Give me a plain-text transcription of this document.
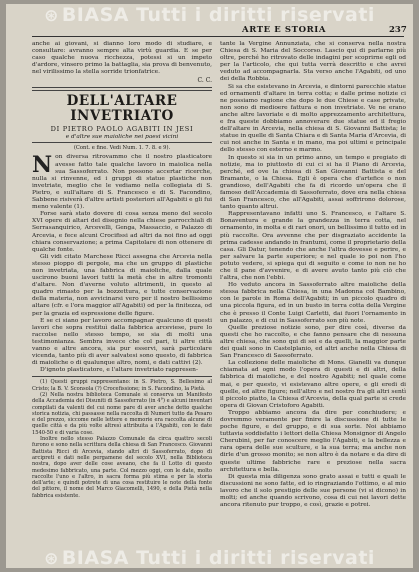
⊛ BIASA Tutti i diritti riservati
ARTE E STORIA	237

anche ai giovani, si dianno loro modo di studiare, e consultare: avranno sempre alta virtù guardia. E se per caso qualche nuova ricchezza, potessi si un impeto d'ardore, vinsero primo la battaglia, sia prova di benvenuto, nel virilissimo la stella sorride trionfatrice.

C. C.
DELL'ALTARE INVETRIATO
DI PIETRO PAOLO AGABITI IN JESI
e d'altre sue maioliche nei paesi vicini
(Cont. e fine. Vedi Num. 1. 7. 8. e 9).

Non diversa ritrovammo che il nostro plasticatore avesse fatto tale qualche lavoro in maiolica nella sua Sassoferrato. Non possono accertar ricerche, nulla si rinvenne, ed i gruppi di statue plastiche non invetriate, meglio che le vediamo nella collegiata di S. Pietro, e sull'altare di S. Francesco e di S. Facondino, Sabbene risiverà d'altre artisti posteriori all'Agabiti e gli fui meno valente (1).

Forse sarà stato dovere di cosa senza meno del secolo XVI opere di altari del disegnio nella chiese parrocchiali di Serrasanquirico, Arcevelli, Genga, Massaccio, e Palazzo di Arcevia, e fece alcuni Crocifissi ad altri da noi fino ad oggi chiara conservazione; a prima Capitolare di non ottenere di qualche fonte.

Gli vidi citato Marchese Ricci assegna che Arcevia nella stesso pioppo di pergole, ma che un gruppo di plastiche non invetriata, una fabbrica di maioliche, dalla quale uscirono buoni lavori tutti la metà che in altre tromonti d'altare. Non d'averne voluto altrimenti, in questo al quadro rimasto per la bozzettura, e tutte conservazione della materia, non avvicinarsi vero per il nostro bellissimo altare (cfr. e l'ora maggior all'Agabiti) od per la finitezza, od per la grazia ed espressione delle figure.

E se ci siano per lavoro accompagnar qualcuno di questi lavori che sopra restituì dalla fabbrica arceviese, pure lo raccolse nello stesso tempo, se sia di molti una testimonianza. Sembra invece che col pari, ti altre città vanno e altre ancora, sia pur esservi, sarà particolare vicenda, tanto più di aver salvatesi sono questo, di fabbrica di maioliche o di qualunque altro, nomi, e dati cattivi (2).

D'ignoto plasticatore, e l'altare invetriato rappresen-

(1) Questi gruppi rappresentano: in S. Pietro, S. Bellesimo al Cristo; la B. V. Sconsola (?) Crocefissione; in S. Facondino, la Pietà.

(2) Nella nostra biblioteca Comunale si conserva un Manifesto della Accademia dei Disuniti di Sassoferrato (in 4°) e alcuni inventari compilati da valenti del cui nome pare di aver anche detto qualche storica notizia, chi passasse nella raccolta di Numeri tutto da Pesaro e del prezzo, siccome nelle lettere e memorie era raccolta alcune di quelle città e da più volte altresì attribuita a l'Agabiti, con le date 1540-50 e di varia cose.

Inoltre nello stesso Palazzo Comunale da circa quattro secoli furono e sono nella scrittura della chiesa di San Francesco. Giovanni Battista Ricci di Arcevia, stando altri di Sassoferrato, dopo di arcipreti e dati nelle pergamene del secolo XVI, nella Biblioteca nostra, dopo aver delle cose aveano, che fa il Lotto di questo medesimo fabbricato, una parte. Col mezzo oggi, con le date, molto raccolte l'uno e l'altro, in sacra forma più stima e per la storia dell'arte; e quindi potrete di una cosa restituire le note della fonte del pittore, il nome del Marco Giacomelli, 1490, e della Pietà nella fabbrica esistente.

tante la Vergine Annunziata, che si conserva nella nostra Chiesa di S. Maria del Soccorso. Lascio qui di parlarne più oltre, perché ho ritrovato delle indagini per scoprirne egli od per la l'articolo, che qui tutta verrà descritto e che avrei veduto ad accompagnarla. Sta verso anche l'Agabiti, od uno dei della Robbia.

Si sa che esistevano in Arcevia, e dintorni parecchie statue ed ornamenti d'altare in terra cotta; e dalle prime notizie ci ne possiamo ragione che dopo le due Chiese e case private, non sono di medioere fattura e non invetriate. Ve ne erano anche altre lavoriate e di molto apprezzamento architettura, e fra queste dobbiamo annoverare due statue ed il fregio dell'altare in Arcevia, nella chiesa di S. Giovanni Battista; le statue in quelle di Santa Chiara e di Santa Maria d'Arcevia, di cui noi anche in Santa e in mano, ma poi ultimi e principale dello stesso con esterno e marmo.

In questo si sia in un primo anno, un tempo e pregiato di notizie, ma io piuttosto di cui ci si ha il Piano di Arcevia, perché, ed ove la chiesa di San Giovanni Battista e del Bramante, o la Chiesa. Egli è opera che d'artefice o non grandioso, dell'Agabiti che fa di ricordo un'opera che il famoso dell'Accademia di Sassoferrato, dove era nella chiesa di San Francesco, che all'Agabiti, assai soffrirono dolorose, tanto quanto altrui.

Rappresentavano infatti uno S. Francesco, e l'altare S. Bonaventura e grande la grandezza in terra cotta, nel ornamento, in molta e di rari onori, un bellissimo il tutto ed in più raccolte. Ora avvenne che per disgraziato accidente la prima cadesse andando in frantumi, come il proprietario della casa. Gli Datur, tenendo che anche l'altra dovesse e perire, e per salvare la parte superiore; e nel quale io poi non l'ho potuto vedere, si spiega qui di seguito e come io non ne ho che il pane d'avvenire, e di avere avuto tanto più ciò che l'altra, che non l'ebbi.

Ho veduto ancora in Sassoferrato altre maioliche della stessa fabbrica nella Chiesa, in una Madonna col Bambino, con le parole in Roma dell'Agabiti; in un piccolo quadro di una piccola figura, ed in un busto in terra cotta della Vergine che è presso il Conte Luigi Carletti, dai fuori l'ornamento in un palazzo, e di cui in Sassoferrato son più note.

Quelle preziose notizie sono, per dire così, diverse da questi che ho raccolto, e che fanno pensare che di nessuna altre chiesa, che sono qui di sei e da quelli, la maggior parte dei quali sono in Castelplanio, ed altri anche nella Chiesa di San Francesco di Sassoferrato.

La collezione delle maioliche di Mons. Gianelli va dunque chiamata ad ogni modo l'opera di questi e di altri, della fabbrica di maioliche, e del nostro Agabiti; nel quale come mai, e per questo, vi esistevano altre opere, e gli eredi di quelle, ed altre figure; nell'altro e nel nostro fra gli altri sentì il piccolo piatto, la Chiesa d'Arcevia, della qual parte si crede opera di Giovan Cristoforo Agabiti.

Troppo abbiamo ancora da dire per conchiudere; e dovremmo veramente per finire la discussione di tutte le poche figure, e del gruppo, e di sua sorte. Noi abbiamo tuttavia soddisfatto i lettori della Chiesa Monsignor di Angelo Cherubini, per far conoscere meglio l'Agabiti, e la bellezza e rara opera delle sue sculture, e la sua terra; ma anche non dirle d'un grosso monito; se non altro è da notare e da dire di queste ultime fabbriche rare e preziose nella sacra architettura e bella.

Di questa mia diligenza sono grato assai e tutti e quali le discussioni ne sono fatte, ed io ringraziando l'ottimo, e al mio lavoro che il solo prestigio delle sue persone (vi si dicono) in molti; ed anche quando scrivono, cosa di cui nei lavori dette ancora ritenuto pur troppo, e così, grazie e potrei.

⊛ BIASA Tutti i diritti riservati
